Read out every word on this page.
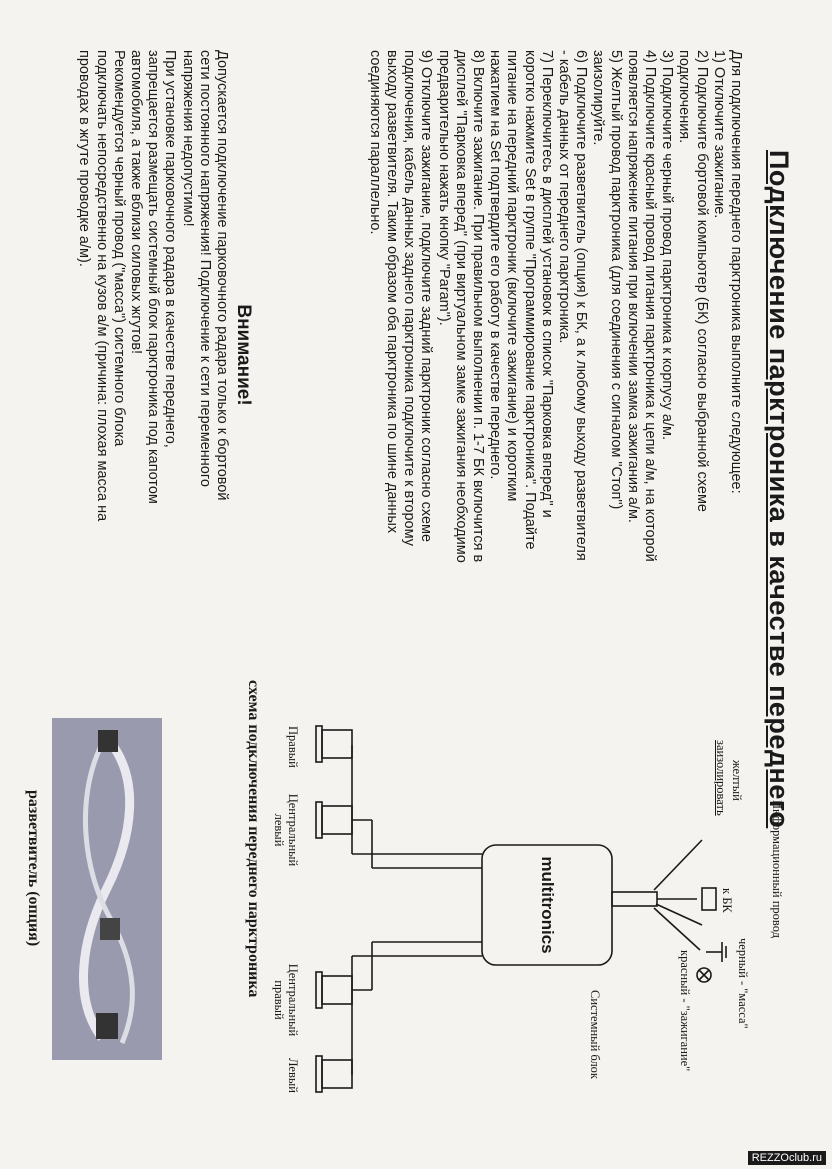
Подключение парктроника в качестве переднего
Для подключения переднего парктроника выполните следующее:
1) Отключите зажигание.
2) Подключите бортовой компьютер (БК) согласно выбранной схеме
подключения.
3) Подключите черный провод парктроника к корпусу а/м.
4) Подключите красный провод питания парктроника к цепи а/м, на которой
появляется напряжение питания при включении замка зажигания а/м.
5) Желтый провод парктроника (для соединения с сигналом "Стоп")
заизолируйте.
6) Подключите разветвитель (опция) к БК, а к любому выходу разветвителя
- кабель данных от переднего парктроника.
7) Переключитесь в дисплей установок в список "Парковка вперед" и
коротко нажмите Set в группе "Программирование парктроника". Подайте
питание на передний парктроник (включите зажигание) и коротким
нажатием на Set подтвердите его работу в качестве переднего.
8) Включите зажигание. При правильном выполнении п. 1-7 БК включится в
дисплей "Парковка вперед" (при виртуальном замке зажигания необходимо
предварительно нажать кнопку "Param").
9) Отключите зажигание, подключите задний парктроник согласно схеме
подключения, кабель данных заднего парктроника подключите к второму
выходу разветвителя. Таким образом оба парктроника по шине данных
соединяются параллельно.
Внимание!
Допускается подключение парковочного радара только к бортовой
сети постоянного напряжения! Подключение к сети переменного
напряжения недопустимо!
При установке парковочного радара в качестве переднего,
запрещается размещать системный блок парктроника под капотом
автомобиля, а также вблизи силовых жгутов!
Рекомендуется черный провод ("масса") системного блока
подключать непосредственно на кузов а/м (причина: плохая масса на
проводах в жгуте проводке а/м).
multitronics	Информационный провод
к БК
черный - "масса"
желтый
заизолировать
красный - "зажигание"
Системный блок
Правый
Центральный левый
Центральный правый
Левый
схема подключения переднего парктроника
разветвитель (опция)
REZZOclub.ru
